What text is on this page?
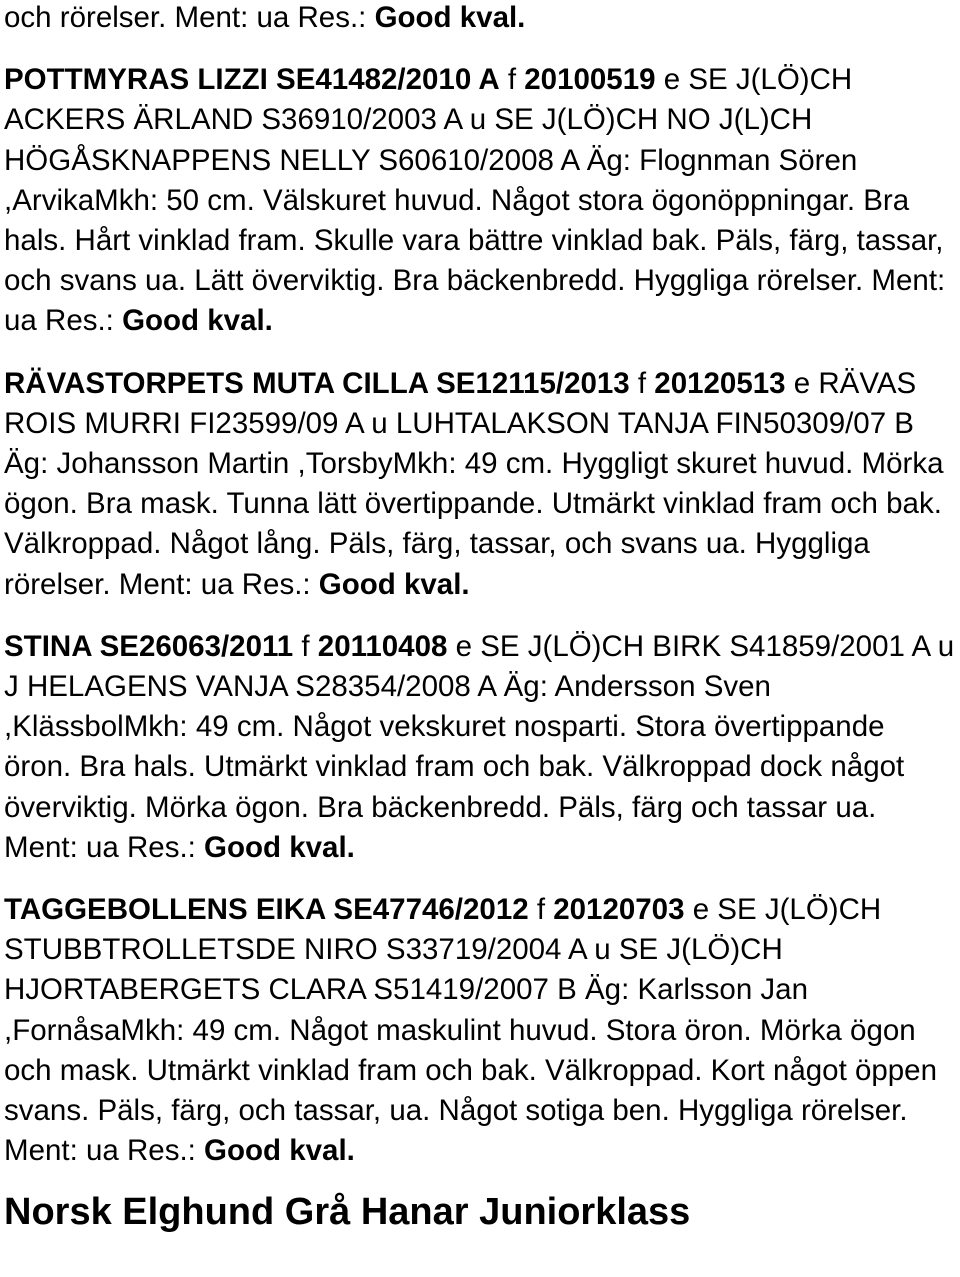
och rörelser. Ment: ua Res.: Good kval.

POTTMYRAS LIZZI SE41482/2010 A f 20100519 e SE J(LÖ)CH ACKERS ÄRLAND S36910/2003 A u SE J(LÖ)CH NO J(L)CH HÖGÅSKNAPPENS NELLY S60610/2008 A Äg: Flognman Sören ,ArvikaMkh: 50 cm. Välskuret huvud. Något stora ögonöppningar. Bra hals. Hårt vinklad fram. Skulle vara bättre vinklad bak. Päls, färg, tassar, och svans ua. Lätt överviktig. Bra bäckenbredd. Hyggliga rörelser. Ment: ua Res.: Good kval.

RÄVASTORPETS MUTA CILLA SE12115/2013 f 20120513 e RÄVAS ROIS MURRI FI23599/09 A u LUHTALAKSON TANJA FIN50309/07 B Äg: Johansson Martin ,TorsbyMkh: 49 cm. Hyggligt skuret huvud. Mörka ögon. Bra mask. Tunna lätt övertippande. Utmärkt vinklad fram och bak. Välkroppad. Något lång. Päls, färg, tassar, och svans ua. Hyggliga rörelser. Ment: ua Res.: Good kval.

STINA SE26063/2011 f 20110408 e SE J(LÖ)CH BIRK S41859/2001 A u J HELAGENS VANJA S28354/2008 A Äg: Andersson Sven ,KlässbolMkh: 49 cm. Något vekskuret nosparti. Stora övertippande öron. Bra hals. Utmärkt vinklad fram och bak. Välkroppad dock något överviktig. Mörka ögon. Bra bäckenbredd. Päls, färg och tassar ua. Ment: ua Res.: Good kval.

TAGGEBOLLENS EIKA SE47746/2012 f 20120703 e SE J(LÖ)CH STUBBTROLLETSDE NIRO S33719/2004 A u SE J(LÖ)CH HJORTABERGETS CLARA S51419/2007 B Äg: Karlsson Jan ,FornåsaMkh: 49 cm. Något maskulint huvud. Stora öron. Mörka ögon och mask. Utmärkt vinklad fram och bak. Välkroppad. Kort något öppen svans. Päls, färg, och tassar, ua. Något sotiga ben. Hyggliga rörelser. Ment: ua Res.: Good kval.

Norsk Elghund Grå Hanar Juniorklass
